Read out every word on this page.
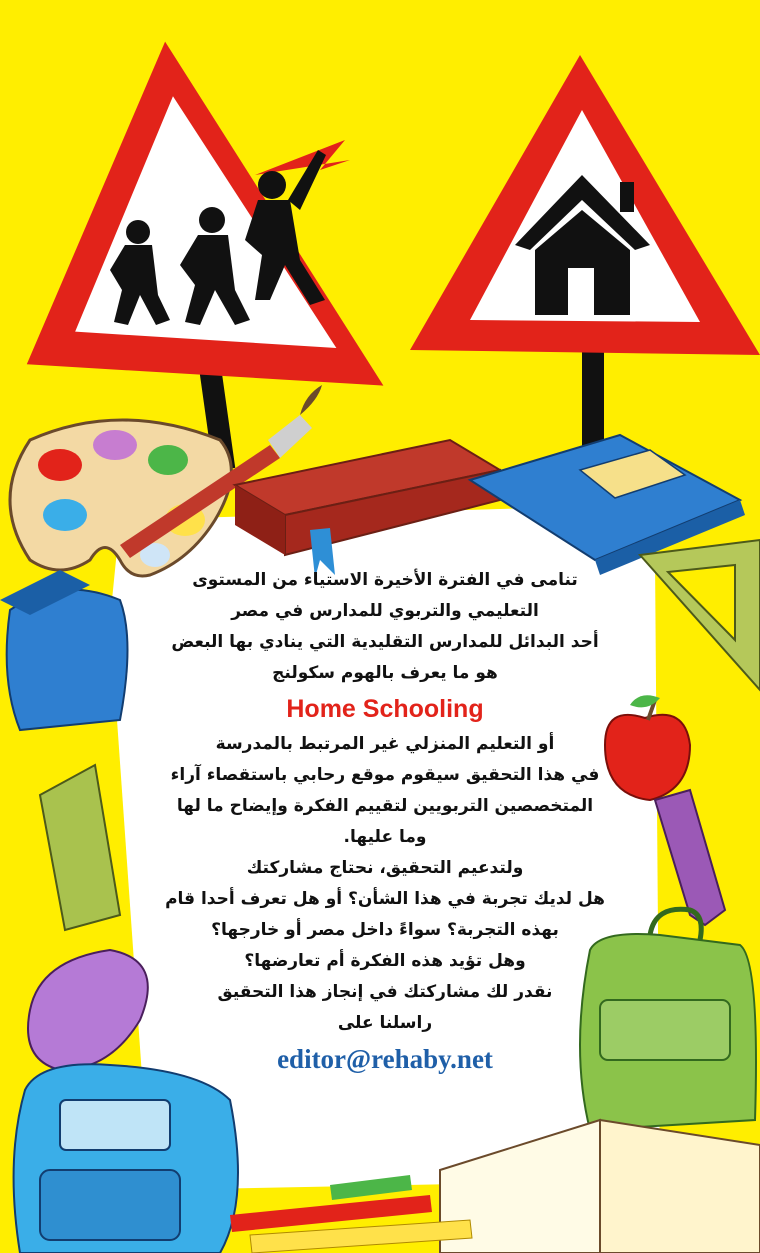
تنامى في الفترة الأخيرة الاستياء من المستوى
التعليمي والتربوي للمدارس في مصر
أحد البدائل للمدارس التقليدية التي ينادي بها البعض
هو ما يعرف بالهوم سكولنج
Home Schooling
أو التعليم المنزلي غير المرتبط بالمدرسة
في هذا التحقيق سيقوم موقع رحابي باستقصاء آراء
المتخصصين التربويين لتقييم الفكرة وإيضاح ما لها
وما عليها.
ولتدعيم التحقيق، نحتاج مشاركتك
هل لديك تجربة في هذا الشأن؟ أو هل تعرف أحدا قام
بهذه التجربة؟ سواءً داخل مصر أو خارجها؟
وهل تؤيد هذه الفكرة أم تعارضها؟
نقدر لك مشاركتك في إنجاز هذا التحقيق
راسلنا على
editor@rehaby.net
